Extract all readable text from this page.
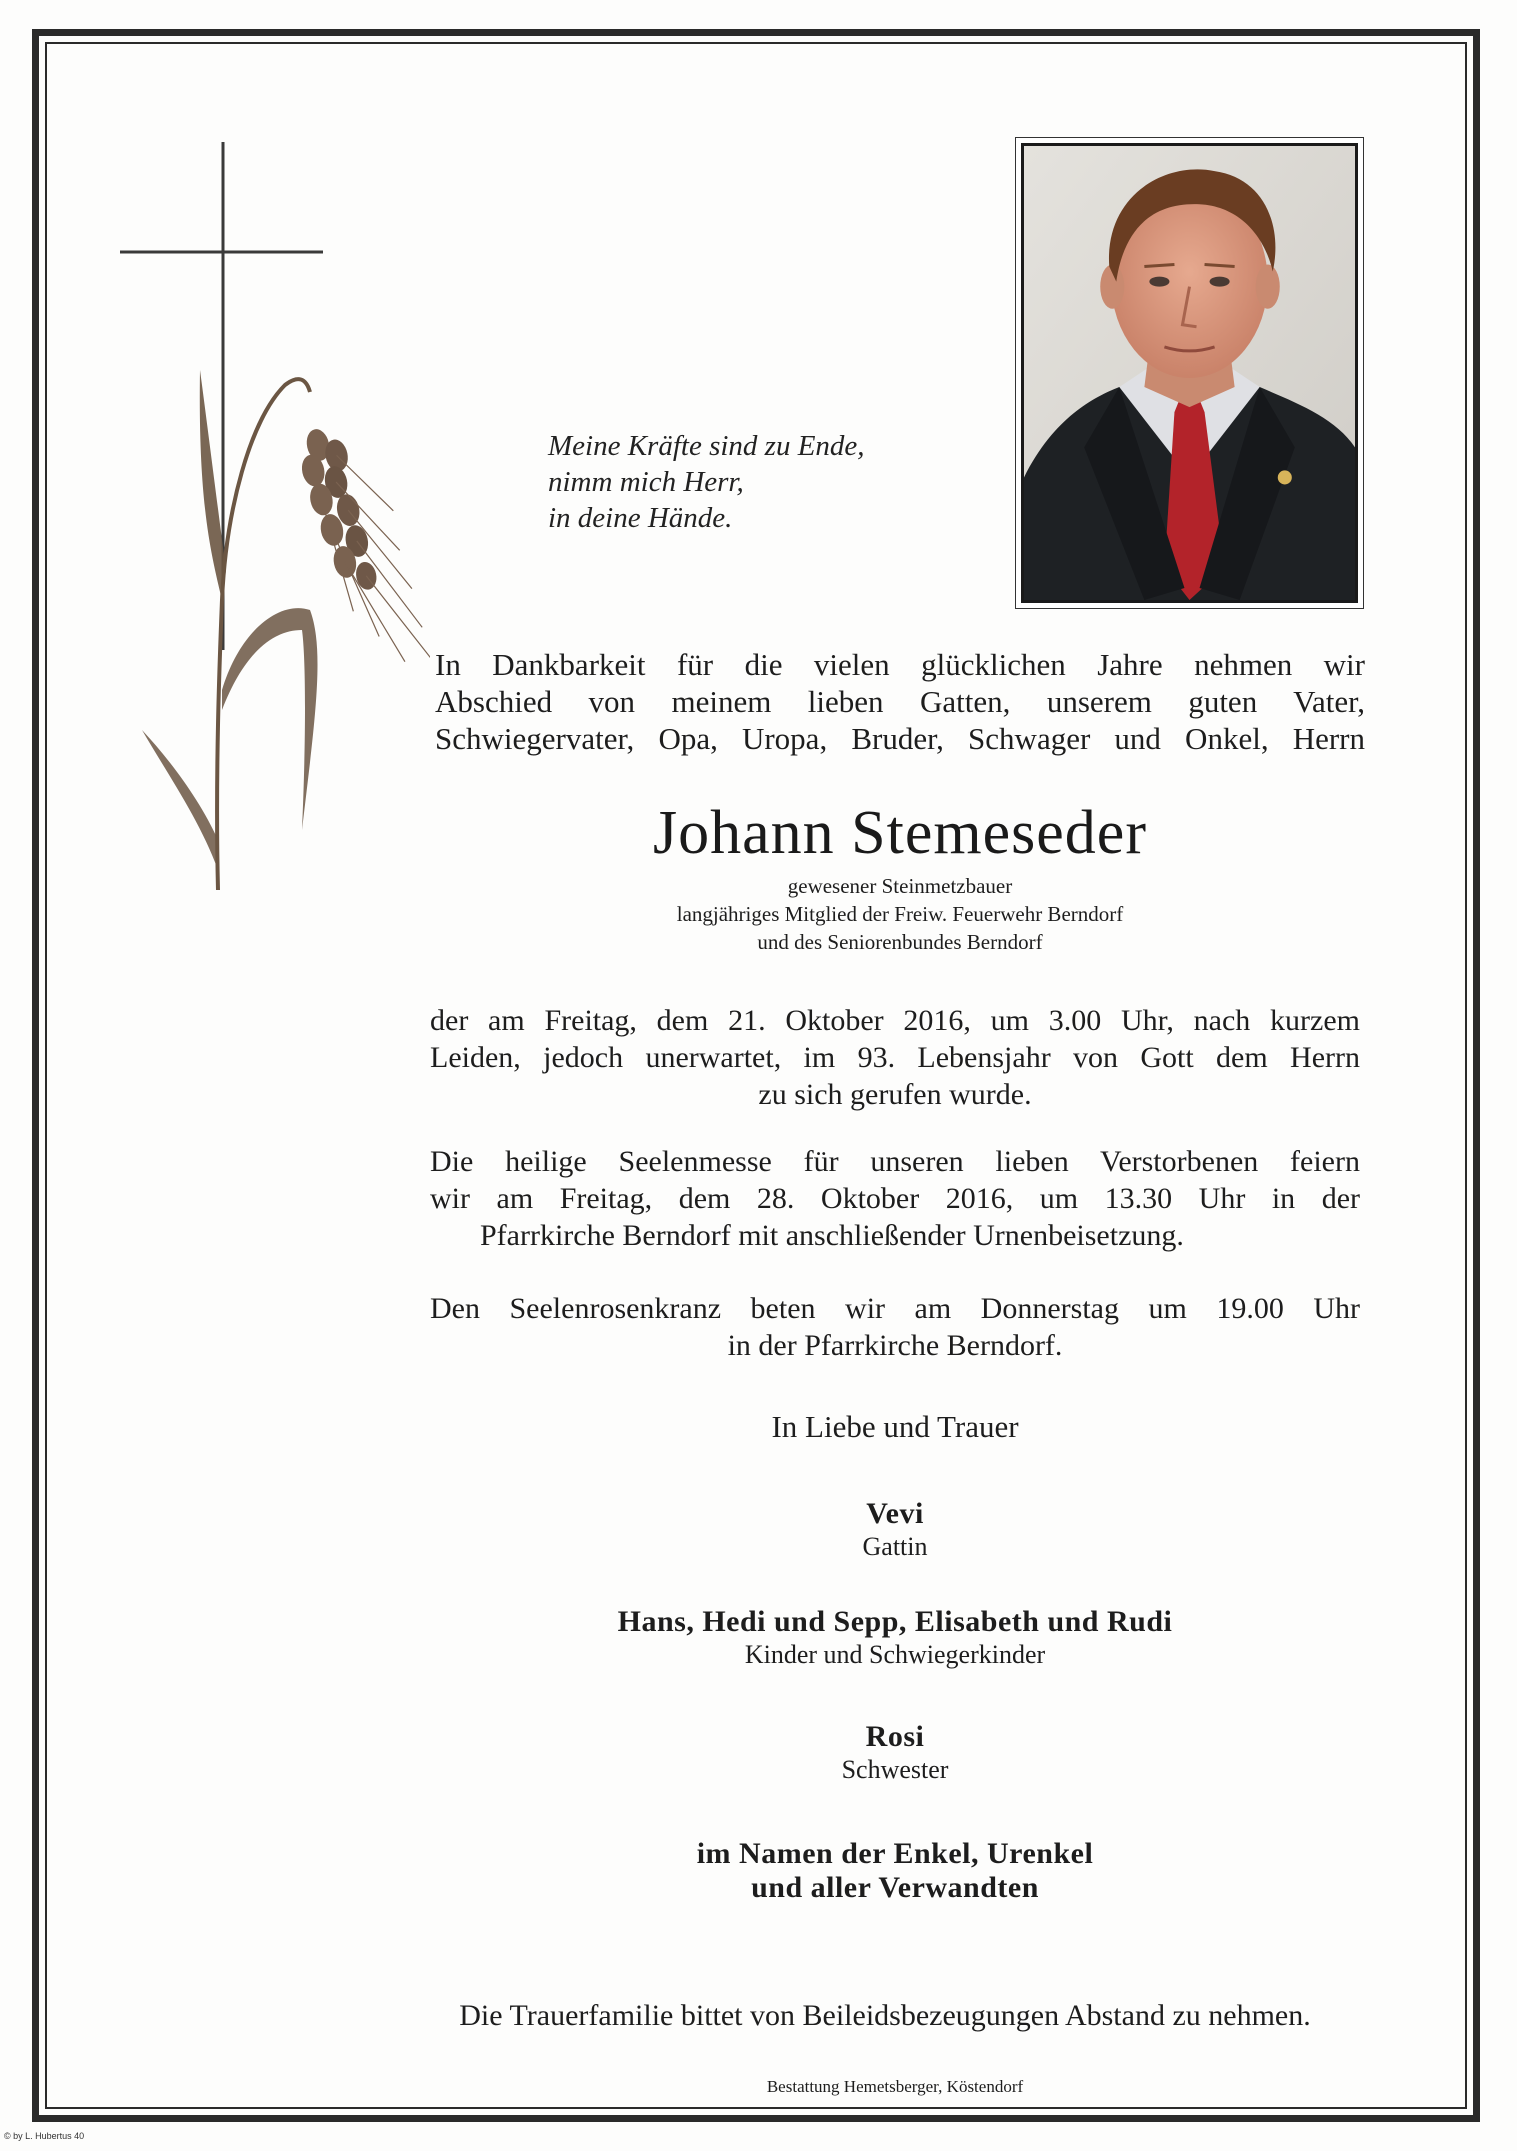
Meine Kräfte sind zu Ende,
nimm mich Herr,
in deine Hände.
In Dankbarkeit für die vielen glücklichen Jahre nehmen wir
Abschied von meinem lieben Gatten, unserem guten Vater,
Schwiegervater, Opa, Uropa, Bruder, Schwager und Onkel, Herrn
Johann Stemeseder
gewesener Steinmetzbauer
langjähriges Mitglied der Freiw. Feuerwehr Berndorf
und des Seniorenbundes Berndorf
der am Freitag, dem 21. Oktober 2016, um 3.00 Uhr, nach kurzem
Leiden, jedoch unerwartet, im 93. Lebensjahr von Gott dem Herrn
zu sich gerufen wurde.
Die heilige Seelenmesse für unseren lieben Verstorbenen feiern
wir am Freitag, dem 28. Oktober 2016, um 13.30 Uhr in der
Pfarrkirche Berndorf mit anschließender Urnenbeisetzung.
Den Seelenrosenkranz beten wir am Donnerstag um 19.00 Uhr
in der Pfarrkirche Berndorf.
In Liebe und Trauer
Vevi
Gattin
Hans, Hedi und Sepp, Elisabeth und Rudi
Kinder und Schwiegerkinder
Rosi
Schwester
im Namen der Enkel, Urenkel
und aller Verwandten
Die Trauerfamilie bittet von Beileidsbezeugungen Abstand zu nehmen.
Bestattung Hemetsberger, Köstendorf
© by L. Hubertus 40
